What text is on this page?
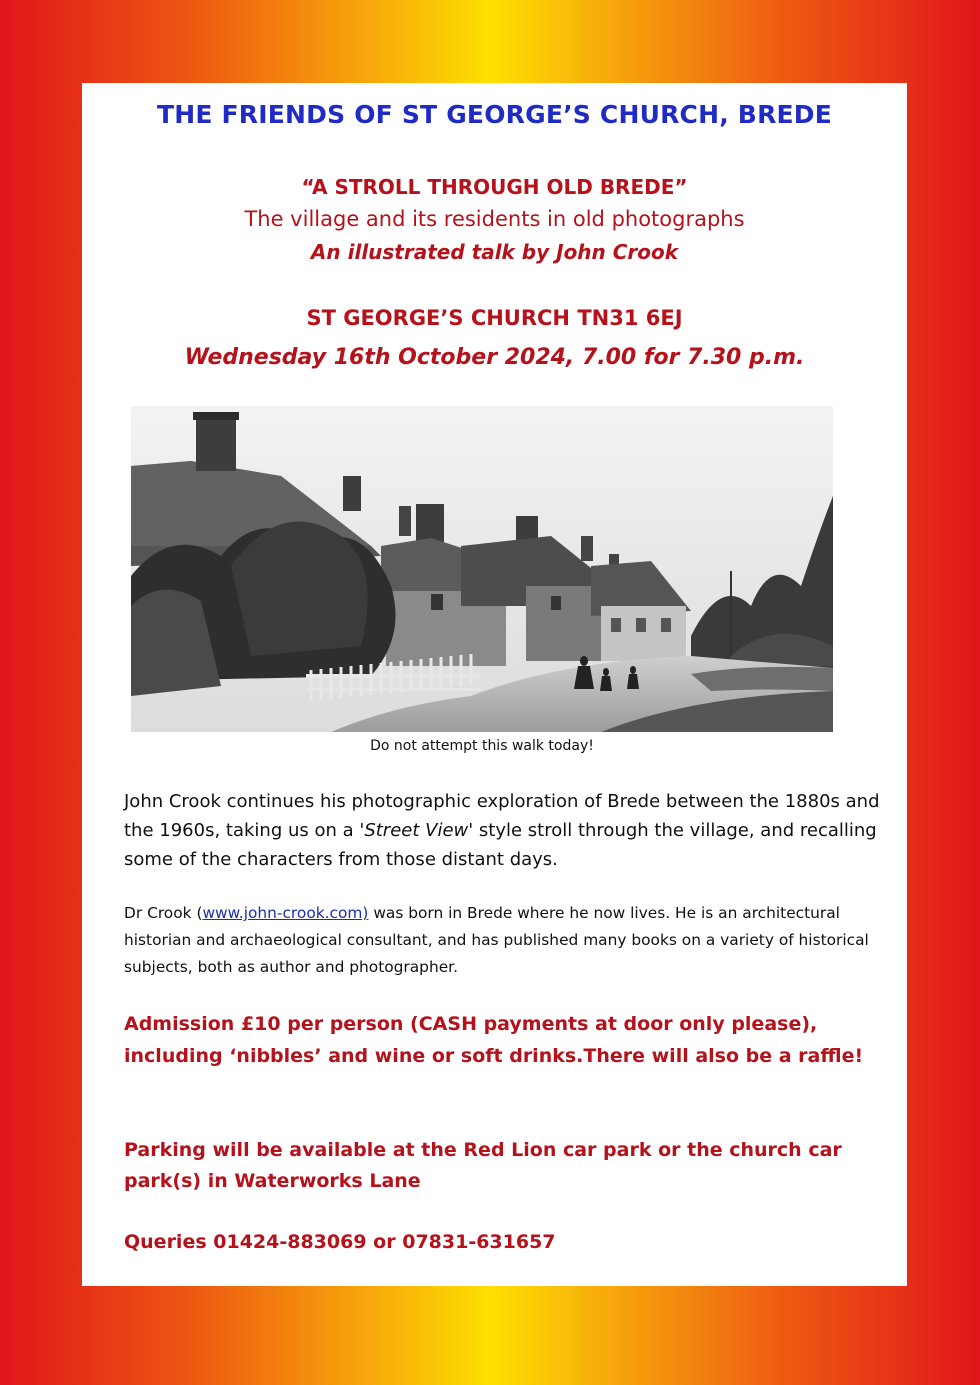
THE FRIENDS OF ST GEORGE’S CHURCH, BREDE
“A STROLL THROUGH OLD BREDE”
The village and its residents in old photographs
An illustrated talk by John Crook
ST GEORGE’S CHURCH TN31 6EJ
Wednesday 16th October 2024, 7.00 for 7.30 p.m.
Do not attempt this walk today!
John Crook continues his photographic exploration of Brede between the 1880s and the 1960s, taking us on a 'Street View' style stroll through the village, and recalling some of the characters from those distant days.
Dr Crook (www.john-crook.com) was born in Brede where he now lives. He is an architectural historian and archaeological consultant, and has published many books on a variety of historical subjects, both as author and photographer.
Admission £10 per person (CASH payments at door only please), including ‘nibbles’ and wine or soft drinks.There will also be a raffle!
Parking will be available at the Red Lion car park or the church car park(s) in Waterworks Lane
Queries 01424-883069 or 07831-631657
